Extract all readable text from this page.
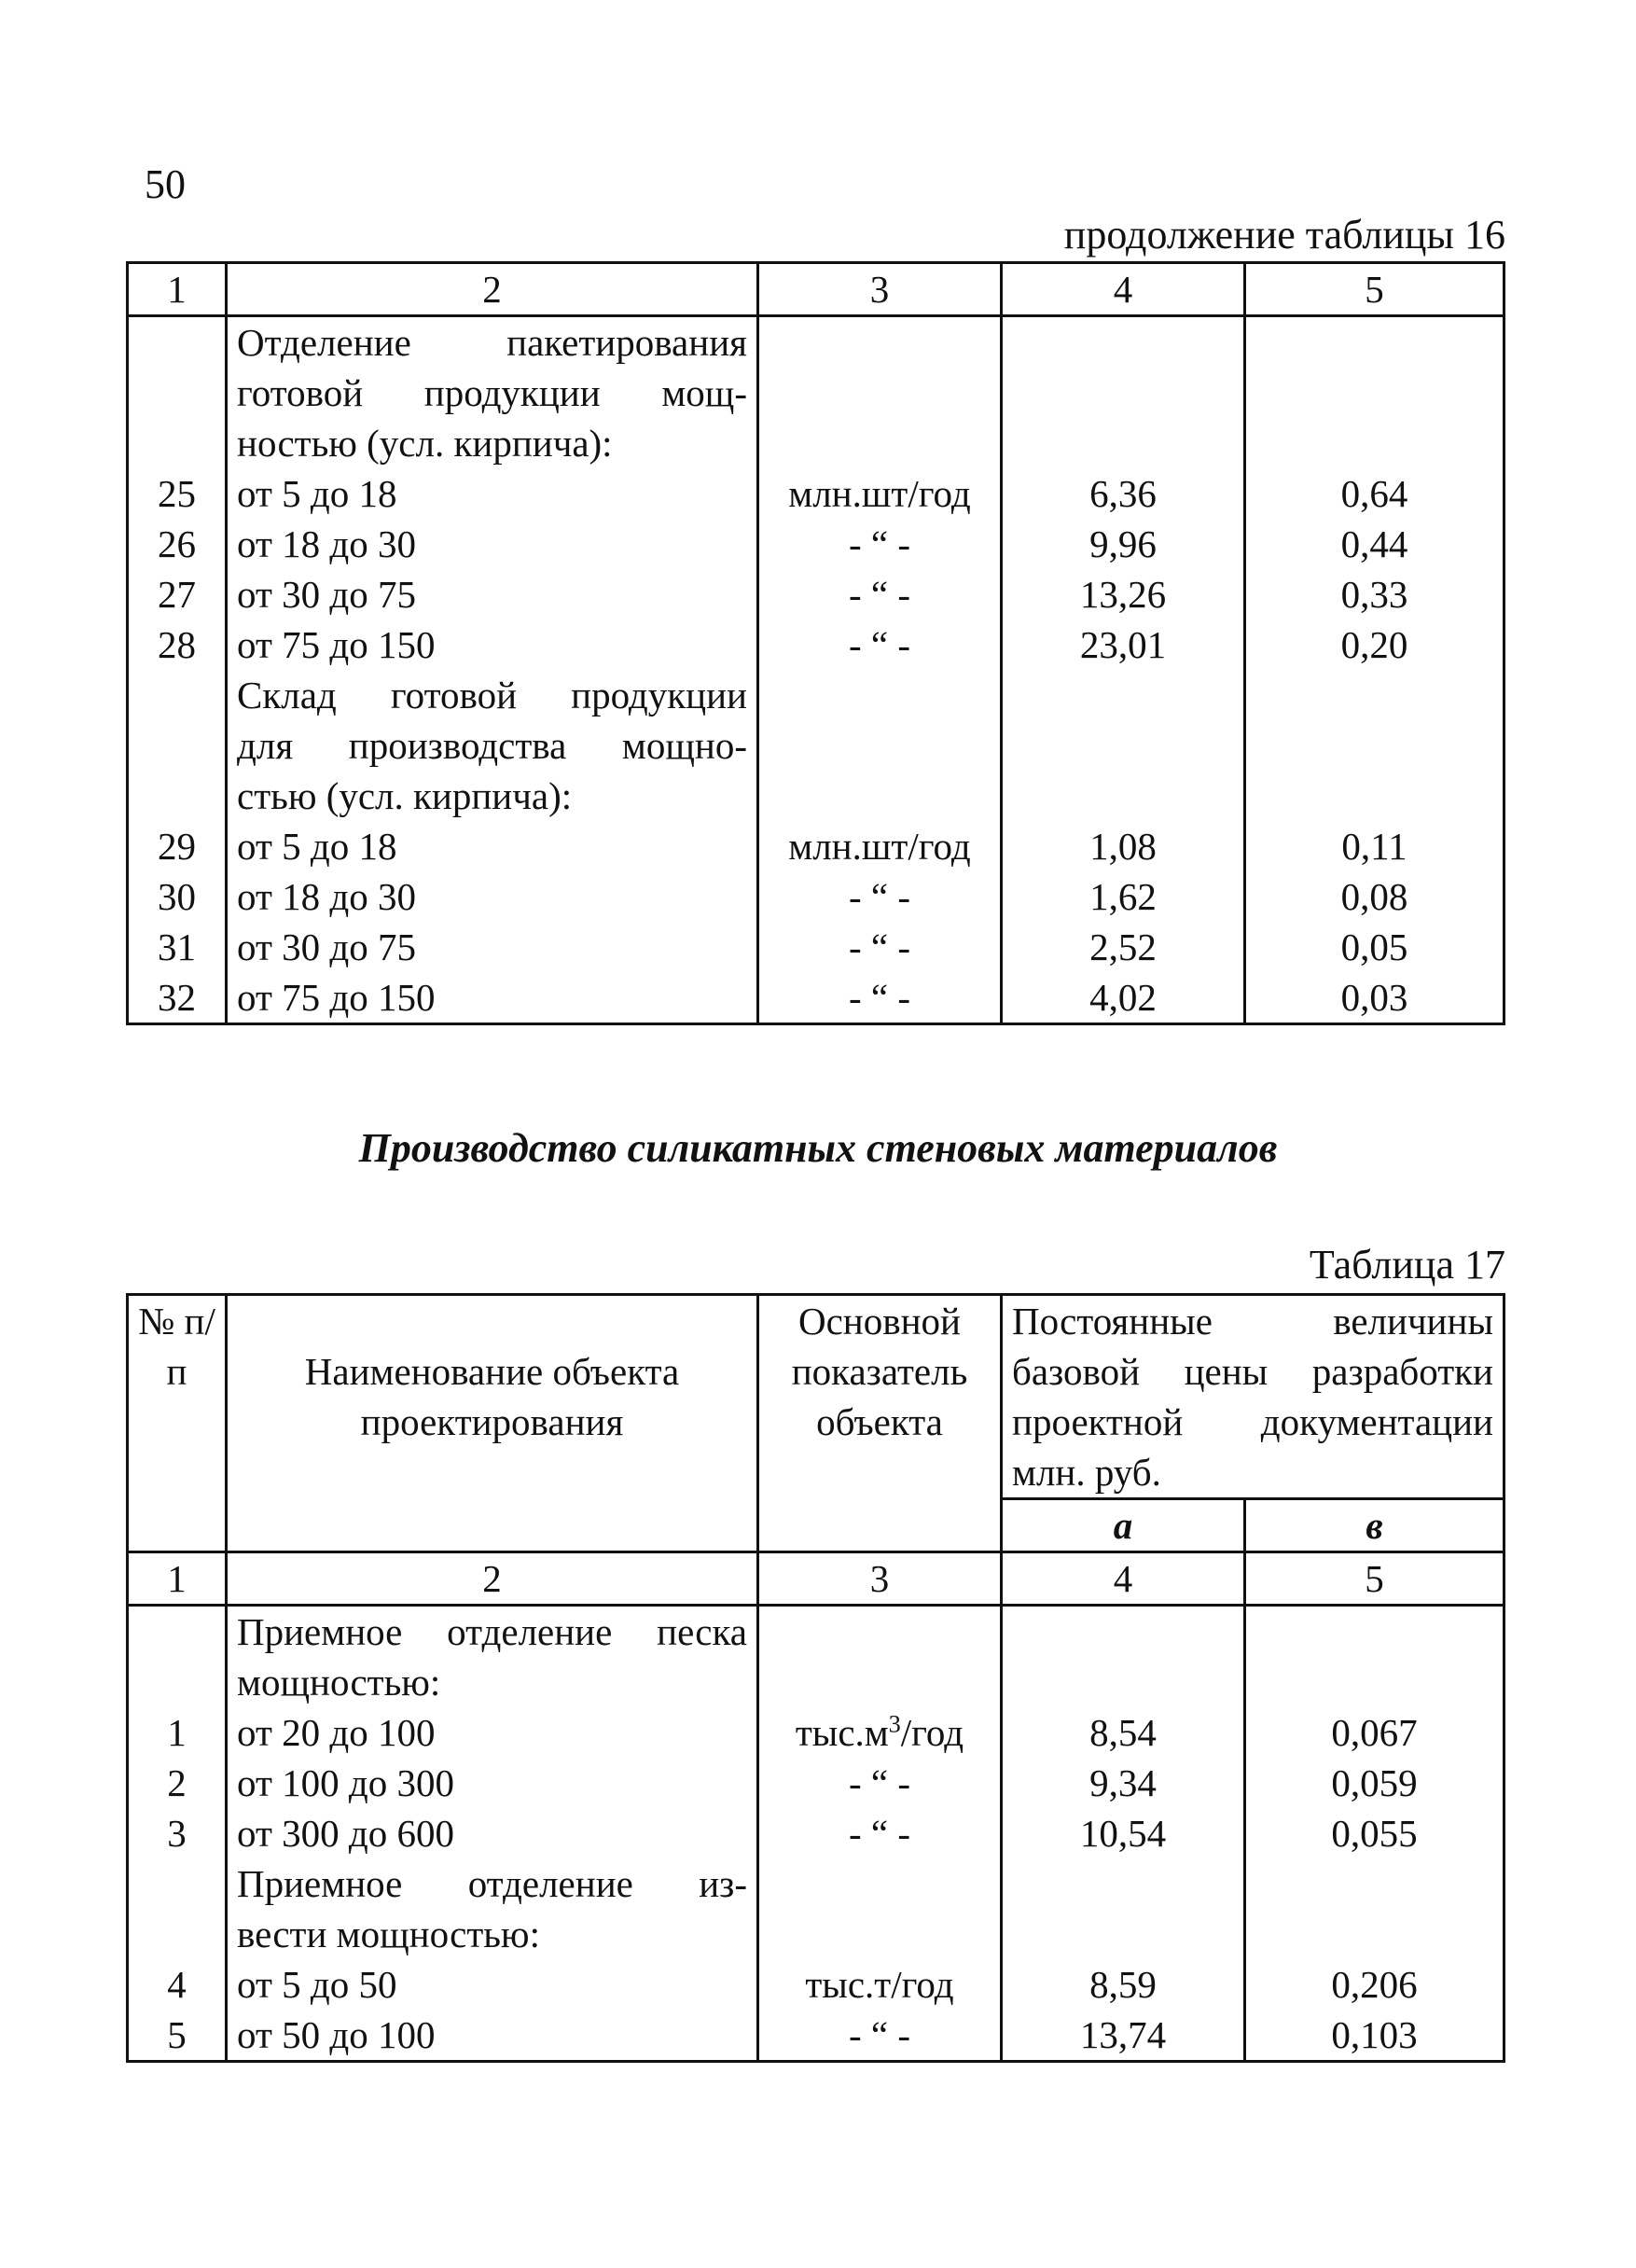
50
продолжение таблицы 16
1	2	3	4	5
	Отделение пакетирования			
	готовой продукции мощ-			
	ностью (усл. кирпича):			
25	от 5 до 18	млн.шт/год	6,36	0,64
26	от 18 до 30	- “ -	9,96	0,44
27	от 30 до 75	- “ -	13,26	0,33
28	от 75 до 150	- “ -	23,01	0,20
	Склад готовой продукции			
	для производства мощно-			
	стью (усл. кирпича):			
29	от 5 до 18	млн.шт/год	1,08	0,11
30	от 18 до 30	- “ -	1,62	0,08
31	от 30 до 75	- “ -	2,52	0,05
32	от 75 до 150	- “ -	4,02	0,03
Производство силикатных стеновых материалов
Таблица 17
№ п/п	Наименование объекта проектирования	Основной показатель объекта	Постоянные величины базовой цены разработки проектной документации млн. руб.	
			а	в
1	2	3	4	5
	Приемное отделение песка			
	мощностью:			
1	от 20 до 100	$тыс.м^3$/год	8,54	0,067
2	от 100 до 300	- “ -	9,34	0,059
3	от 300 до 600	- “ -	10,54	0,055
	Приемное отделение из-			
	вести мощностью:			
4	от 5 до 50	тыс.т/год	8,59	0,206
5	от 50 до 100	- “ -	13,74	0,103
